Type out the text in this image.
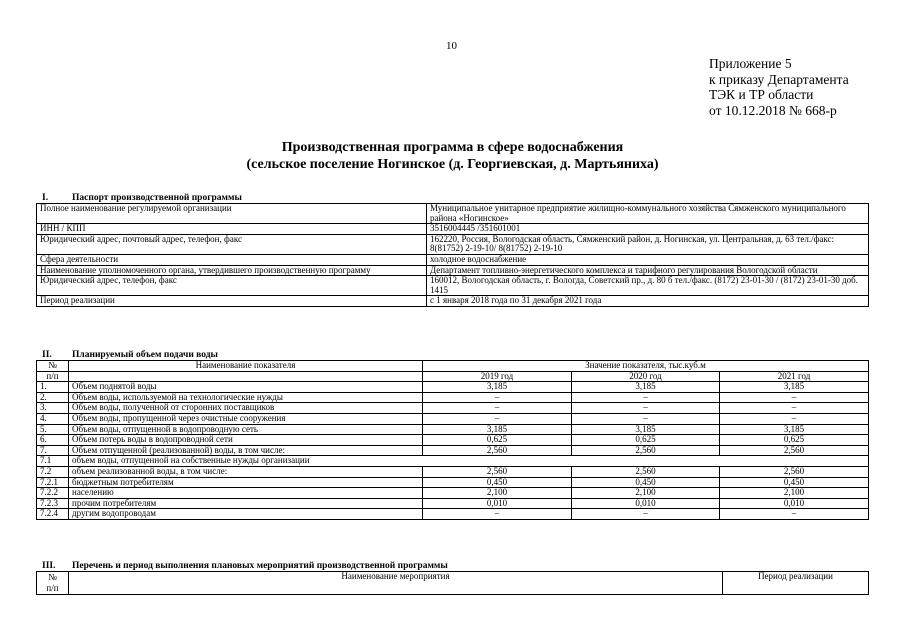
10
Приложение 5
к приказу Департамента
ТЭК и ТР области
от 10.12.2018 № 668-р
Производственная программа в сфере водоснабжения
(сельское поселение Ногинское (д. Георгиевская, д. Мартьяниха)
I.	Паспорт производственной программы
Полное наименование регулируемой организации	Муниципальное унитарное предприятие жилищно-коммунального хозяйства Сямженского муниципального района «Ногинское»
ИНН / КПП	3516004445 /351601001
Юридический адрес, почтовый адрес, телефон, факс	162220, Россия, Вологодская область, Сямженский район, д. Ногинская, ул. Центральная, д. 63 тел./факс: 8(81752) 2-19-10/ 8(81752) 2-19-10
Сфера деятельности	холодное водоснабжение
Наименование уполномоченного органа, утвердившего производственную программу	Департамент топливно-энергетического комплекса и тарифного регулирования Вологодской области
Юридический адрес, телефон, факс	160012, Вологодская область, г. Вологда, Советский пр., д. 80 б тел./факс. (8172) 23-01-30 / (8172) 23-01-30 доб. 1415
Период реализации	с 1 января 2018 года по 31 декабря 2021 года
II. Планируемый объем подачи воды
№	Наименование показателя	Значение показателя, тыс.куб.м		
п/п		2019 год	2020 год	2021 год
1.	Объем поднятой воды	3,185	3,185	3,185
2.	Объем воды, используемой на технологические нужды	–	–	–
3.	Объем воды, полученной от сторонних поставщиков	–	–	–
4.	Объем воды, пропущенной через очистные сооружения	–	–	–
5.	Объем воды, отпущенной в водопроводную сеть	3,185	3,185	3,185
6.	Объем потерь воды в водопроводной сети	0,625	0,625	0,625
7.	Объем отпущенной (реализованной) воды, в том числе:	2,560	2,560	2,560
7.1	объем воды, отпущенной на собственные нужды организации			
7.2	объем реализованной воды, в том числе:	2,560	2,560	2,560
7.2.1	бюджетным потребителям	0,450	0,450	0,450
7.2.2	населению	2,100	2,100	2,100
7.2.3	прочим потребителям	0,010	0,010	0,010
7.2.4	другим водопроводам	–	–	–
III. Перечень и период выполнения плановых мероприятий производственной программы
№
п/п
	Наименование мероприятия	Период реализации
